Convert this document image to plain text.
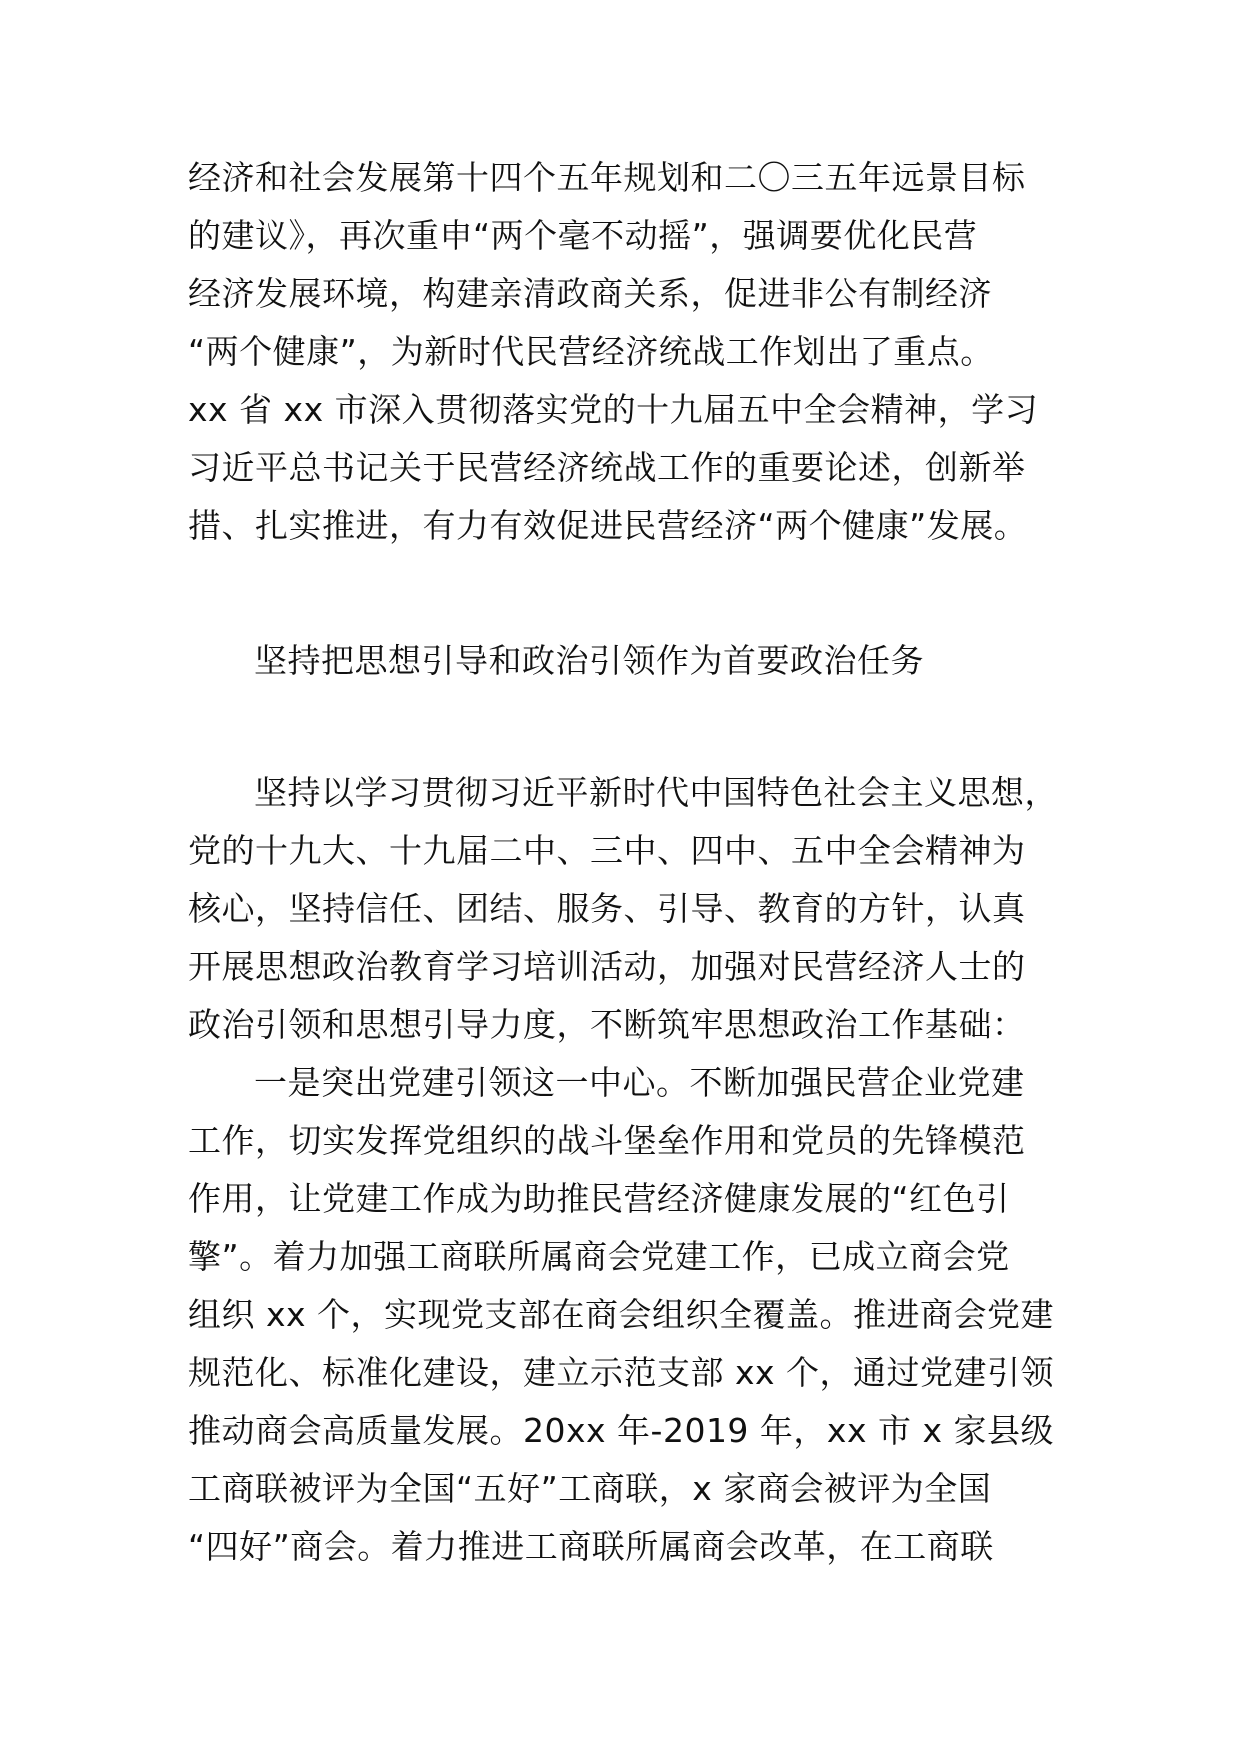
经济和社会发展第十四个五年规划和二〇三五年远景目标
的建议》，再次重申“两个毫不动摇”，强调要优化民营
经济发展环境，构建亲清政商关系，促进非公有制经济
“两个健康”，为新时代民营经济统战工作划出了重点。
xx 省 xx 市深入贯彻落实党的十九届五中全会精神，学习
习近平总书记关于民营经济统战工作的重要论述，创新举
措、扎实推进，有力有效促进民营经济“两个健康”发展。
坚持把思想引导和政治引领作为首要政治任务
坚持以学习贯彻习近平新时代中国特色社会主义思想，
党的十九大、十九届二中、三中、四中、五中全会精神为
核心，坚持信任、团结、服务、引导、教育的方针，认真
开展思想政治教育学习培训活动，加强对民营经济人士的
政治引领和思想引导力度，不断筑牢思想政治工作基础：
一是突出党建引领这一中心。不断加强民营企业党建
工作，切实发挥党组织的战斗堡垒作用和党员的先锋模范
作用，让党建工作成为助推民营经济健康发展的“红色引
擎”。着力加强工商联所属商会党建工作，已成立商会党
组织 xx 个，实现党支部在商会组织全覆盖。推进商会党建
规范化、标准化建设，建立示范支部 xx 个，通过党建引领
推动商会高质量发展。20xx 年-2019 年，xx 市 x 家县级
工商联被评为全国“五好”工商联，x 家商会被评为全国
“四好”商会。着力推进工商联所属商会改革，在工商联
